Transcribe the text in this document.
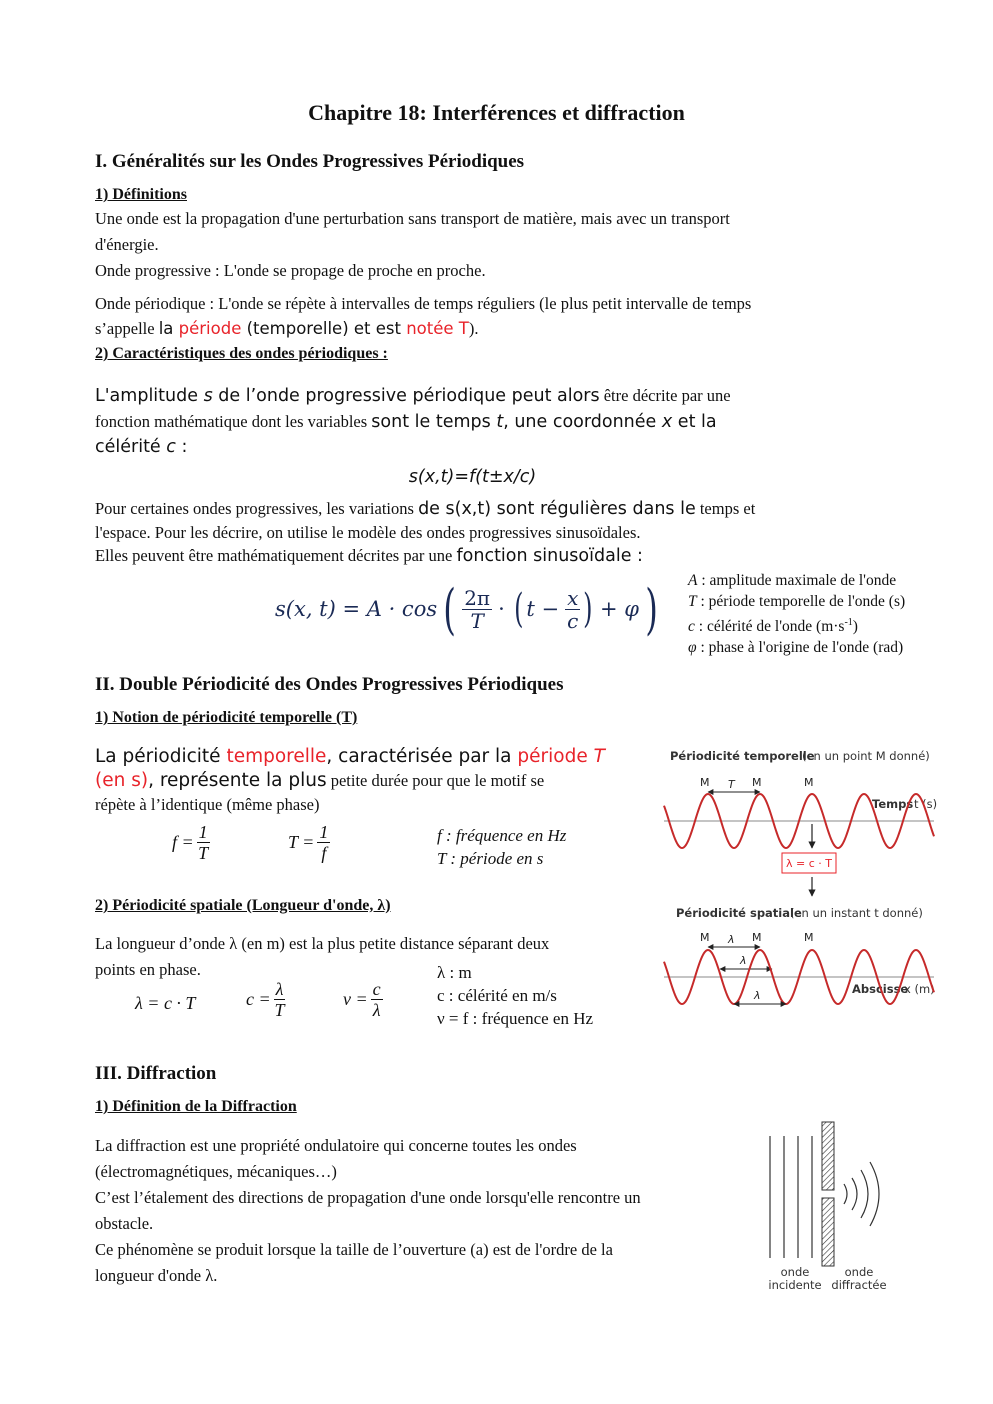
Chapitre 18: Interférences et diffraction
I. Généralités sur les Ondes Progressives Périodiques
1) Définitions
Une onde est la propagation d'une perturbation sans transport de matière, mais avec un transport
d'énergie.
Onde progressive : L'onde se propage de proche en proche.
Onde périodique : L'onde se répète à intervalles de temps réguliers (le plus petit intervalle de temps
s’appelle la période (temporelle) et est notée T).
2) Caractéristiques des ondes périodiques :
L'amplitude s de l’onde progressive périodique peut alors être décrite par une
fonction mathématique dont les variables sont le temps t, une coordonnée x et la
célérité c :
s(x,t)=f(t±x/c)
Pour certaines ondes progressives, les variations de s(x,t) sont régulières dans le temps et
l'espace. Pour les décrire, on utilise le modèle des ondes progressives sinusoïdales.
Elles peuvent être mathématiquement décrites par une fonction sinusoïdale :
s(x, t) = A · cos ( $\frac{2\pi}{T}$ · ( $t - \frac{x}{c}$ ) + φ ) A : amplitude maximale de l'onde
T : période temporelle de l'onde (s)
c : célérité de l'onde $(m\cdot s^{-1})$
φ : phase à l'origine de l'onde (rad)
II. Double Périodicité des Ondes Progressives Périodiques
1) Notion de périodicité temporelle (T)
La périodicité temporelle, caractérisée par la période T
(en s), représente la plus petite durée pour que le motif se
répète à l’identique (même phase)
$f = \frac{1}{T}$	$T = \frac{1}{f}$	f : fréquence en Hz
T : période en s
2) Périodicité spatiale (Longueur d'onde, λ)
La longueur d’onde λ (en m) est la plus petite distance séparant deux
points en phase.
λ = c · T	$c = \frac{\lambda}{T}$	$\nu = \frac{c}{\lambda}$
λ : m
c : célérité en m/s
ν = f : fréquence en Hz
Périodicité temporelle
(en un point M donné)
M	M	M
T
Temps t (s)
λ = c · T
Périodicité spatiale
(en un instant t donné)
M	M	M
λ
λ
Abscisse
x (m)
λ
III. Diffraction
1) Définition de la Diffraction
La diffraction est une propriété ondulatoire qui concerne toutes les ondes
(électromagnétiques, mécaniques…)
C’est l’étalement des directions de propagation d'une onde lorsqu'elle rencontre un
obstacle.
Ce phénomène se produit lorsque la taille de l’ouverture (a) est de l'ordre de la
longueur d'onde λ.	onde
incidente
onde
diffractée
